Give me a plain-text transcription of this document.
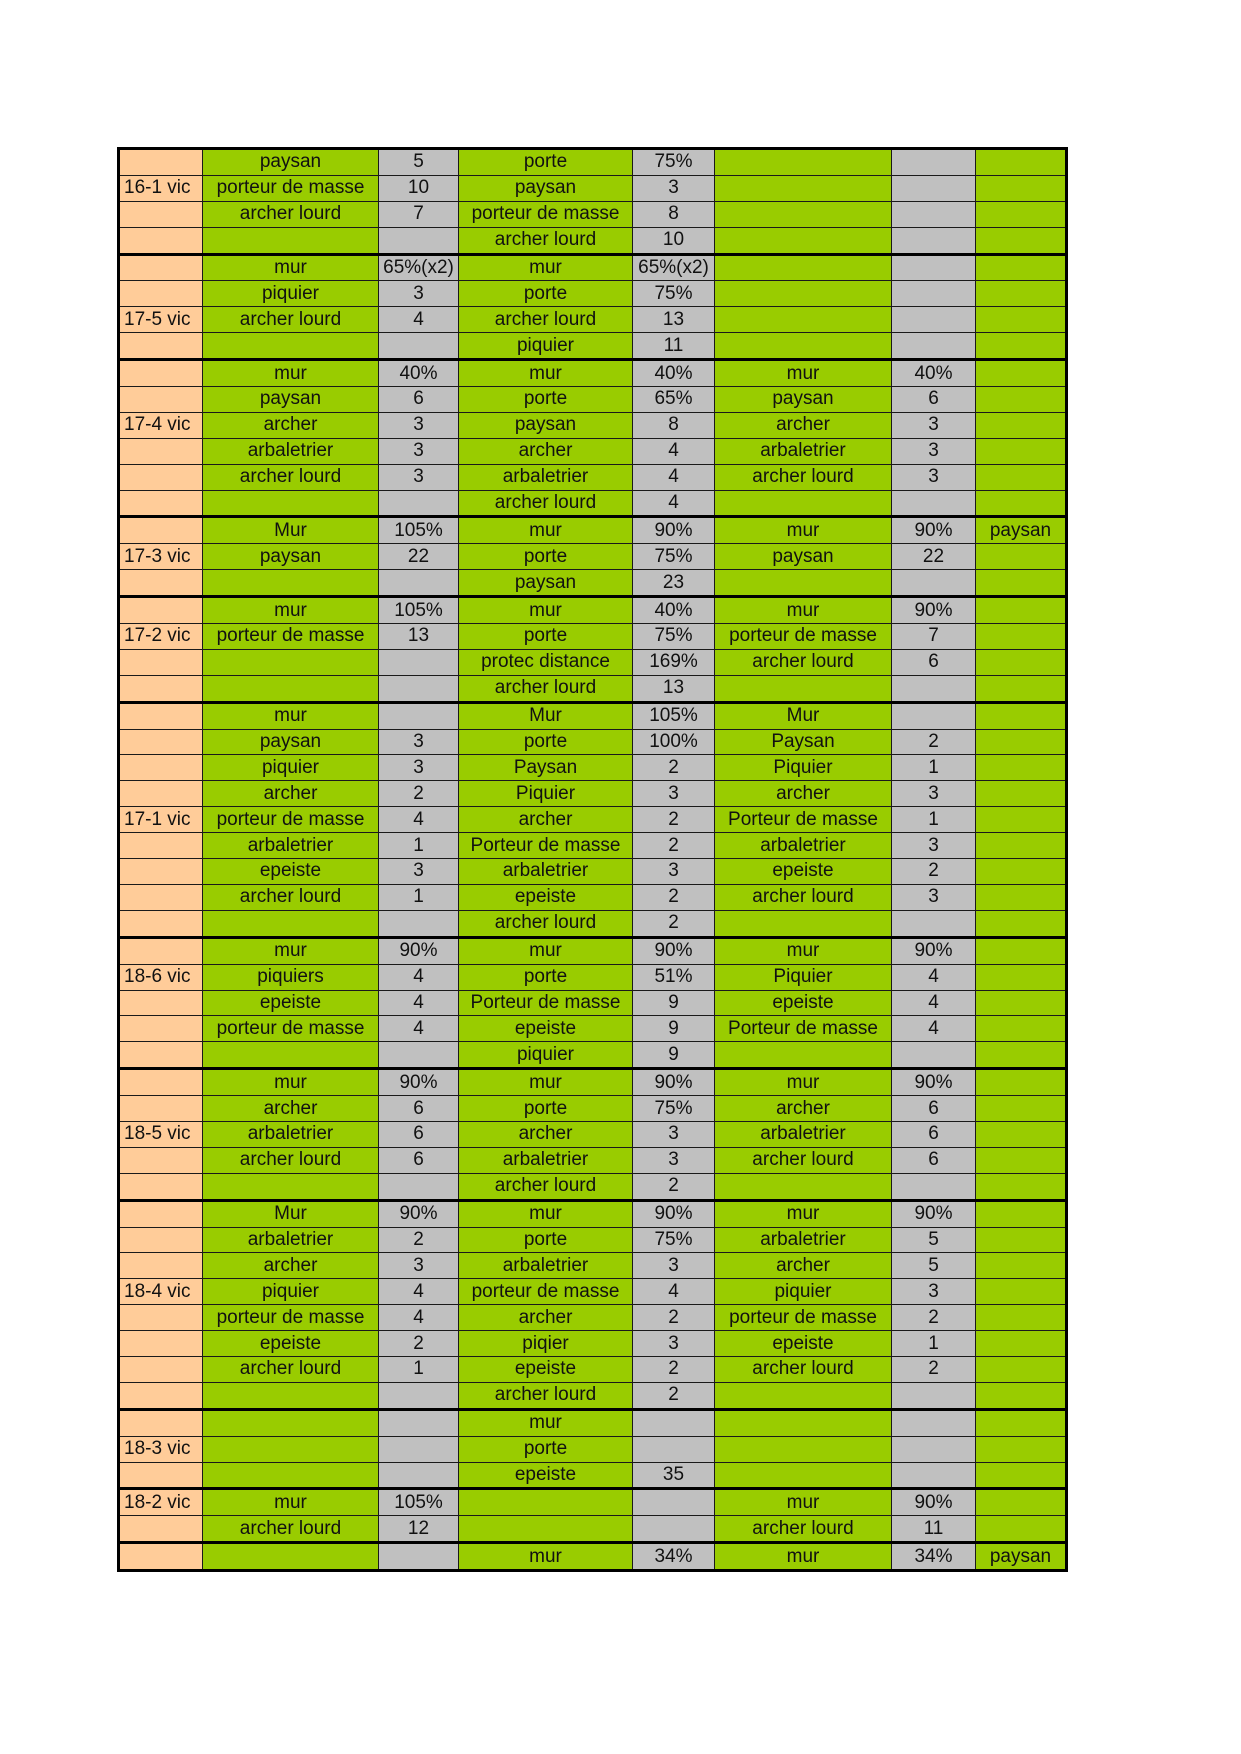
	paysan	5	porte	75%			
16-1 vic	porteur de masse	10	paysan	3			
	archer lourd	7	porteur de masse	8			
			archer lourd	10			
	mur	65%(x2)	mur	65%(x2)			
	piquier	3	porte	75%			
17-5 vic	archer lourd	4	archer lourd	13			
			piquier	11			
	mur	40%	mur	40%	mur	40%	
	paysan	6	porte	65%	paysan	6	
17-4 vic	archer	3	paysan	8	archer	3	
	arbaletrier	3	archer	4	arbaletrier	3	
	archer lourd	3	arbaletrier	4	archer lourd	3	
			archer lourd	4			
	Mur	105%	mur	90%	mur	90%	paysan
17-3 vic	paysan	22	porte	75%	paysan	22	
			paysan	23			
	mur	105%	mur	40%	mur	90%	
17-2 vic	porteur de masse	13	porte	75%	porteur de masse	7	
			protec distance	169%	archer lourd	6	
			archer lourd	13			
	mur		Mur	105%	Mur		
	paysan	3	porte	100%	Paysan	2	
	piquier	3	Paysan	2	Piquier	1	
	archer	2	Piquier	3	archer	3	
17-1 vic	porteur de masse	4	archer	2	Porteur de masse	1	
	arbaletrier	1	Porteur de masse	2	arbaletrier	3	
	epeiste	3	arbaletrier	3	epeiste	2	
	archer lourd	1	epeiste	2	archer lourd	3	
			archer lourd	2			
	mur	90%	mur	90%	mur	90%	
18-6 vic	piquiers	4	porte	51%	Piquier	4	
	epeiste	4	Porteur de masse	9	epeiste	4	
	porteur de masse	4	epeiste	9	Porteur de masse	4	
			piquier	9			
	mur	90%	mur	90%	mur	90%	
	archer	6	porte	75%	archer	6	
18-5 vic	arbaletrier	6	archer	3	arbaletrier	6	
	archer lourd	6	arbaletrier	3	archer lourd	6	
			archer lourd	2			
	Mur	90%	mur	90%	mur	90%	
	arbaletrier	2	porte	75%	arbaletrier	5	
	archer	3	arbaletrier	3	archer	5	
18-4 vic	piquier	4	porteur de masse	4	piquier	3	
	porteur de masse	4	archer	2	porteur de masse	2	
	epeiste	2	piqier	3	epeiste	1	
	archer lourd	1	epeiste	2	archer lourd	2	
			archer lourd	2			
			mur				
18-3 vic			porte				
			epeiste	35			
18-2 vic	mur	105%			mur	90%	
	archer lourd	12			archer lourd	11	
			mur	34%	mur	34%	paysan
